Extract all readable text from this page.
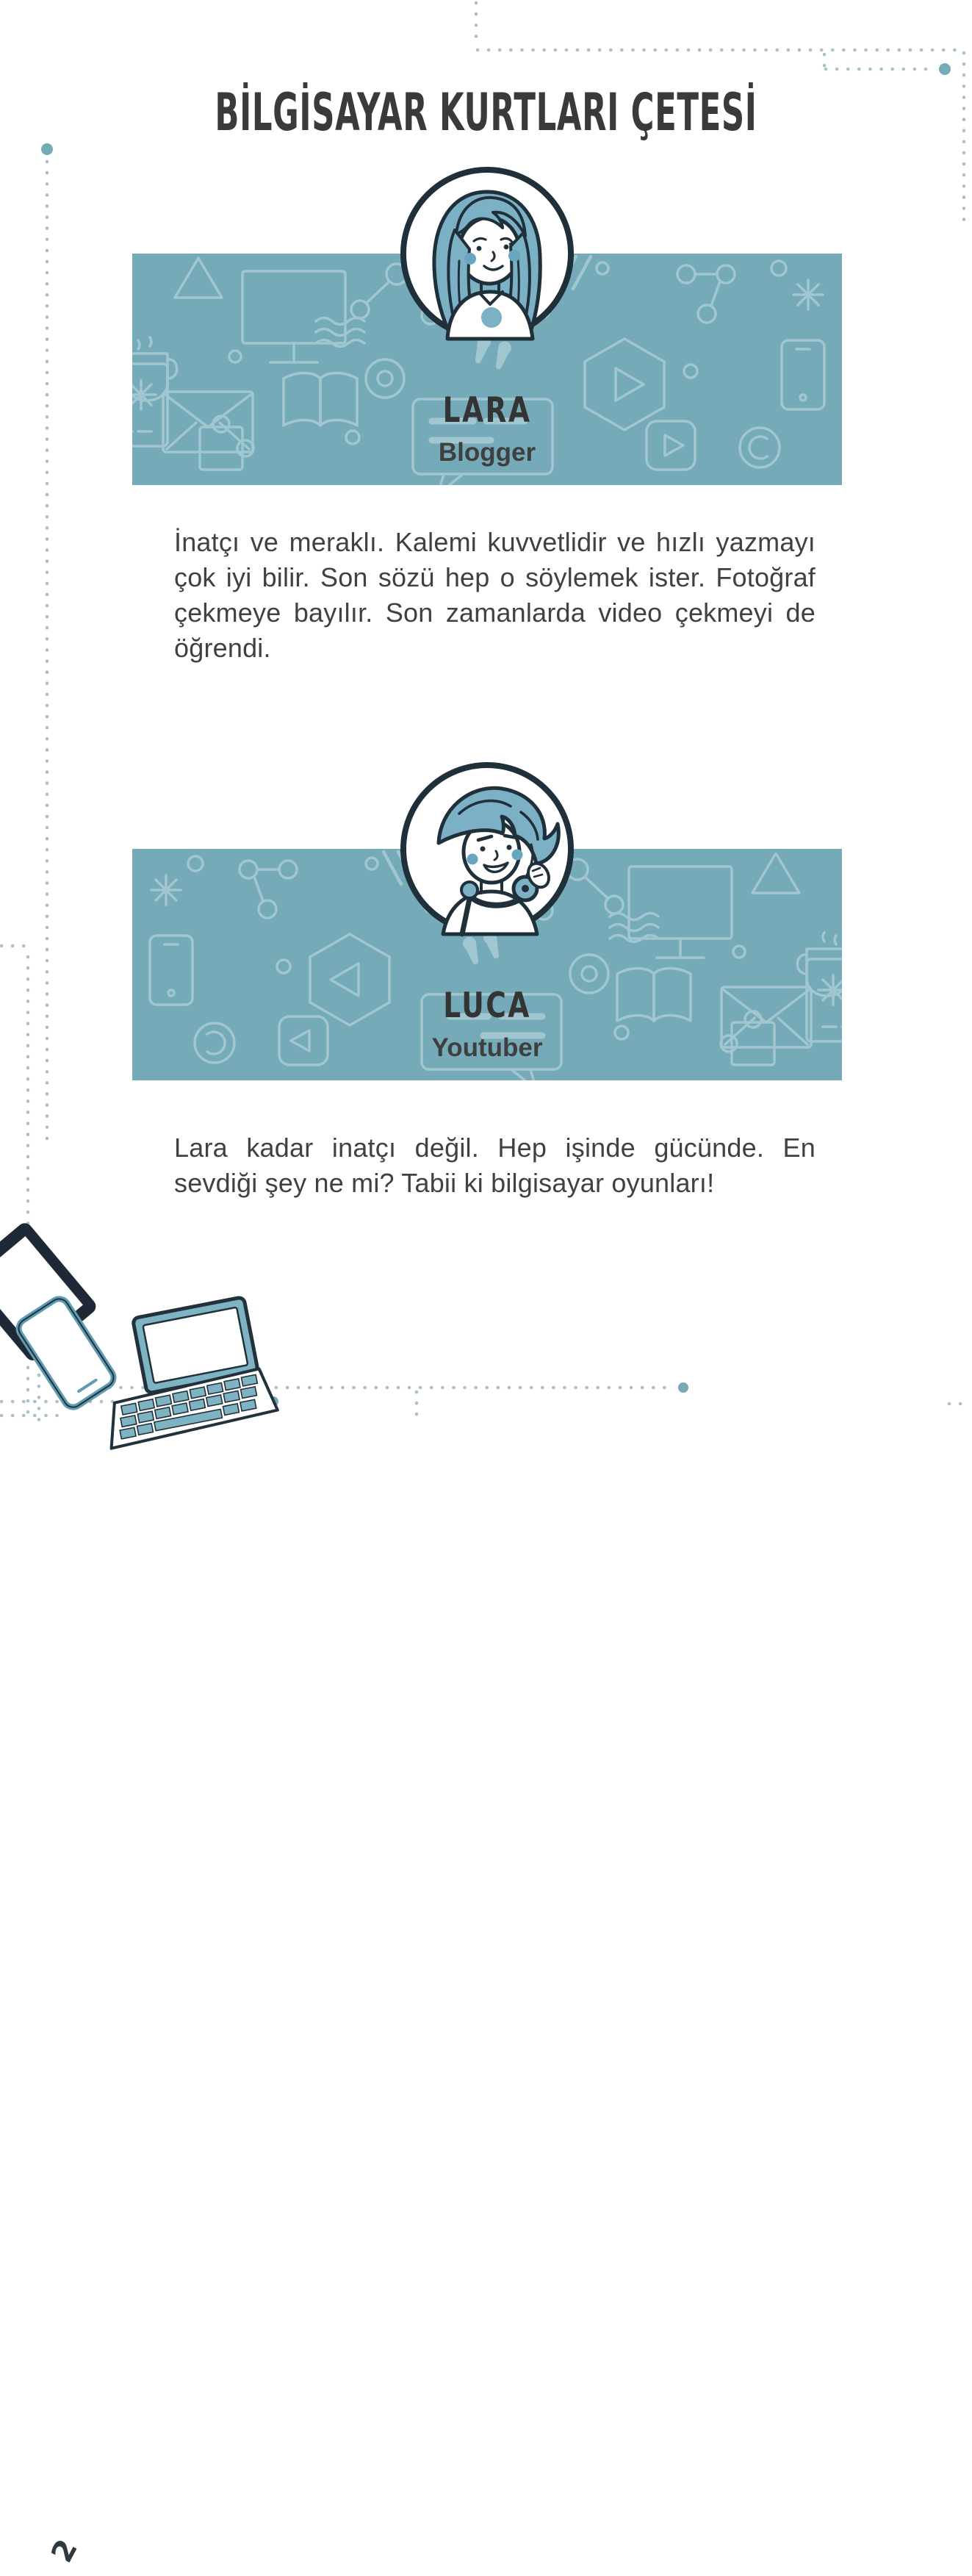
BİLGİSAYAR KURTLARI ÇETESİ
LARA
Blogger
İnatçı ve meraklı. Kalemi kuvvetlidir ve hızlı yazmayı
çok iyi bilir. Son sözü hep o söylemek ister. Fotoğraf
çekmeye bayılır. Son zamanlarda video çekmeyi de
öğrendi.
LUCA
Youtuber
Lara kadar inatçı değil. Hep işinde gücünde. En
sevdiği şey ne mi? Tabii ki bilgisayar oyunları!
2
